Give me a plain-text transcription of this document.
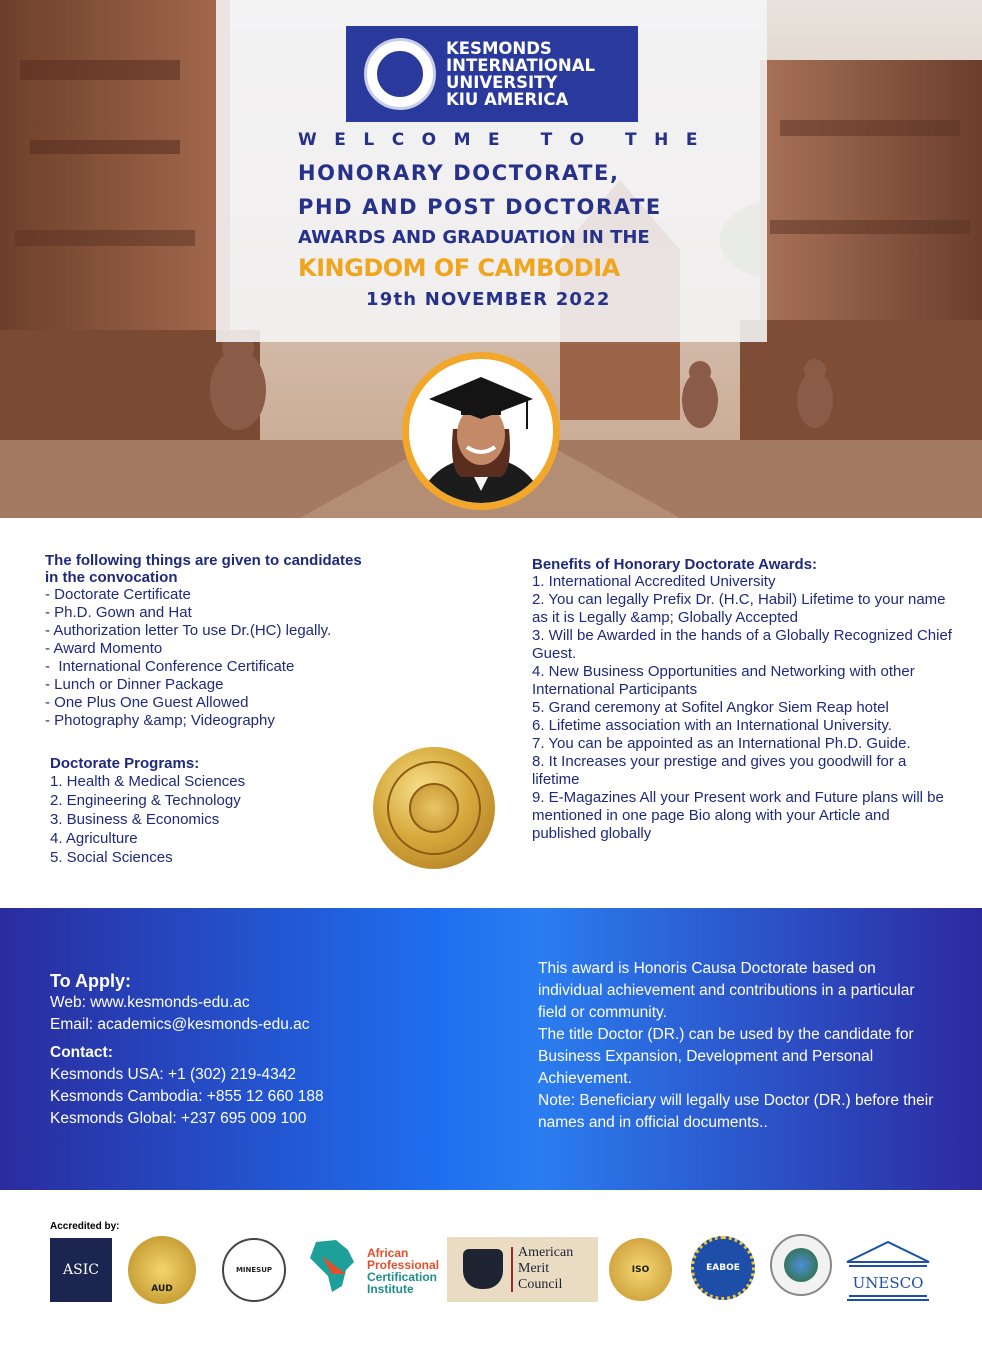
KESMONDS
INTERNATIONAL
UNIVERSITY
KIU AMERICA
WELCOME TO THE
HONORARY DOCTORATE,
PHD AND POST DOCTORATE
AWARDS AND GRADUATION IN THE
KINGDOM OF CAMBODIA
19th NOVEMBER 2022
The following things are given to candidates
in the convocation
- Doctorate Certificate
- Ph.D. Gown and Hat
- Authorization letter To use Dr.(HC) legally.
- Award Momento
-  International Conference Certificate
- Lunch or Dinner Package
- One Plus One Guest Allowed
- Photography &amp; Videography
Doctorate Programs:
1. Health & Medical Sciences
2. Engineering & Technology
3. Business & Economics
4. Agriculture
5. Social Sciences
Benefits of Honorary Doctorate Awards:
1. International Accredited University
2. You can legally Prefix Dr. (H.C, Habil) Lifetime to your name as it is Legally &amp; Globally Accepted
3. Will be Awarded in the hands of a Globally Recognized Chief Guest.
4. New Business Opportunities and Networking with other International Participants
5. Grand ceremony at Sofitel Angkor Siem Reap hotel
6. Lifetime association with an International University.
7. You can be appointed as an International Ph.D. Guide.
8. It Increases your prestige and gives you goodwill for a lifetime
9. E-Magazines All your Present work and Future plans will be mentioned in one page Bio along with your Article and published globally
To Apply:
Web: www.kesmonds-edu.ac
Email: academics@kesmonds-edu.ac
Contact:
Kesmonds USA: +1 (302) 219-4342
Kesmonds Cambodia: +855 12 660 188
Kesmonds Global: +237 695 009 100
This award is Honoris Causa Doctorate based on individual achievement and contributions in a particular field or community.
The title Doctor (DR.) can be used by the candidate for Business Expansion, Development and Personal Achievement.
Note: Beneficiary will legally use Doctor (DR.) before their names and in official documents..
Accredited by:
ASIC
AUD
MINESUP
African
Professional
Certification
Institute
American
Merit
Council
ISO	EABOE
UNESCO
